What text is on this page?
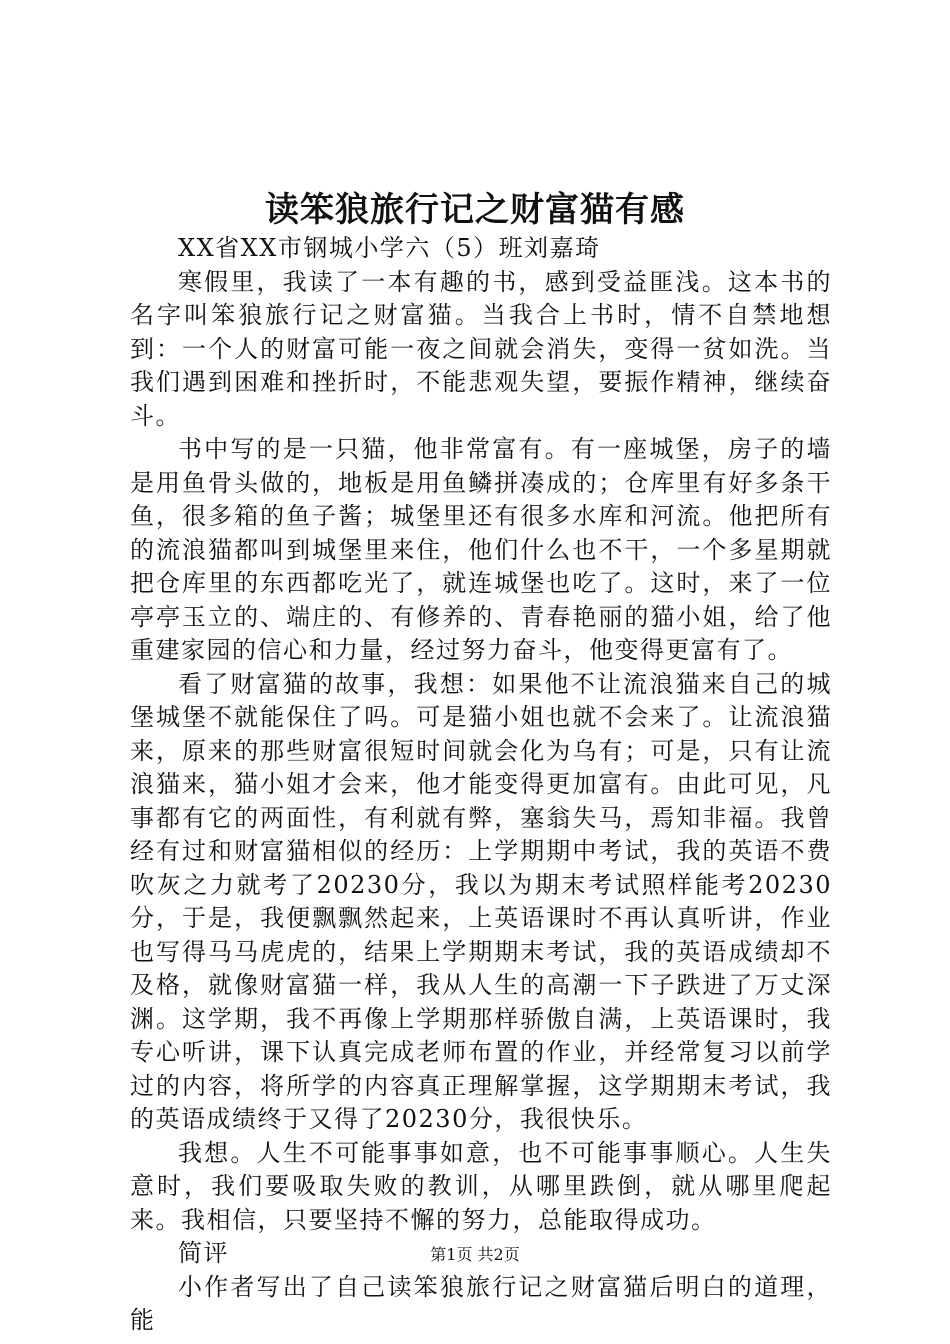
读笨狼旅行记之财富猫有感

XX省XX市钢城小学六（5）班刘嘉琦

寒假里，我读了一本有趣的书，感到受益匪浅。这本书的名字叫笨狼旅行记之财富猫。当我合上书时，情不自禁地想到：一个人的财富可能一夜之间就会消失，变得一贫如洗。当我们遇到困难和挫折时，不能悲观失望，要振作精神，继续奋斗。

书中写的是一只猫，他非常富有。有一座城堡，房子的墙是用鱼骨头做的，地板是用鱼鳞拼凑成的；仓库里有好多条干鱼，很多箱的鱼子酱；城堡里还有很多水库和河流。他把所有的流浪猫都叫到城堡里来住，他们什么也不干，一个多星期就把仓库里的东西都吃光了，就连城堡也吃了。这时，来了一位亭亭玉立的、端庄的、有修养的、青春艳丽的猫小姐，给了他重建家园的信心和力量，经过努力奋斗，他变得更富有了。

看了财富猫的故事，我想：如果他不让流浪猫来自己的城堡城堡不就能保住了吗。可是猫小姐也就不会来了。让流浪猫来，原来的那些财富很短时间就会化为乌有；可是，只有让流浪猫来，猫小姐才会来，他才能变得更加富有。由此可见，凡事都有它的两面性，有利就有弊，塞翁失马，焉知非福。我曾经有过和财富猫相似的经历：上学期期中考试，我的英语不费吹灰之力就考了20230分，我以为期末考试照样能考20230分，于是，我便飘飘然起来，上英语课时不再认真听讲，作业也写得马马虎虎的，结果上学期期末考试，我的英语成绩却不及格，就像财富猫一样，我从人生的高潮一下子跌进了万丈深渊。这学期，我不再像上学期那样骄傲自满，上英语课时，我专心听讲，课下认真完成老师布置的作业，并经常复习以前学过的内容，将所学的内容真正理解掌握，这学期期末考试，我的英语成绩终于又得了20230分，我很快乐。

我想。人生不可能事事如意，也不可能事事顺心。人生失意时，我们要吸取失败的教训，从哪里跌倒，就从哪里爬起来。我相信，只要坚持不懈的努力，总能取得成功。

简评

小作者写出了自己读笨狼旅行记之财富猫后明白的道理，能

第1页 共2页
